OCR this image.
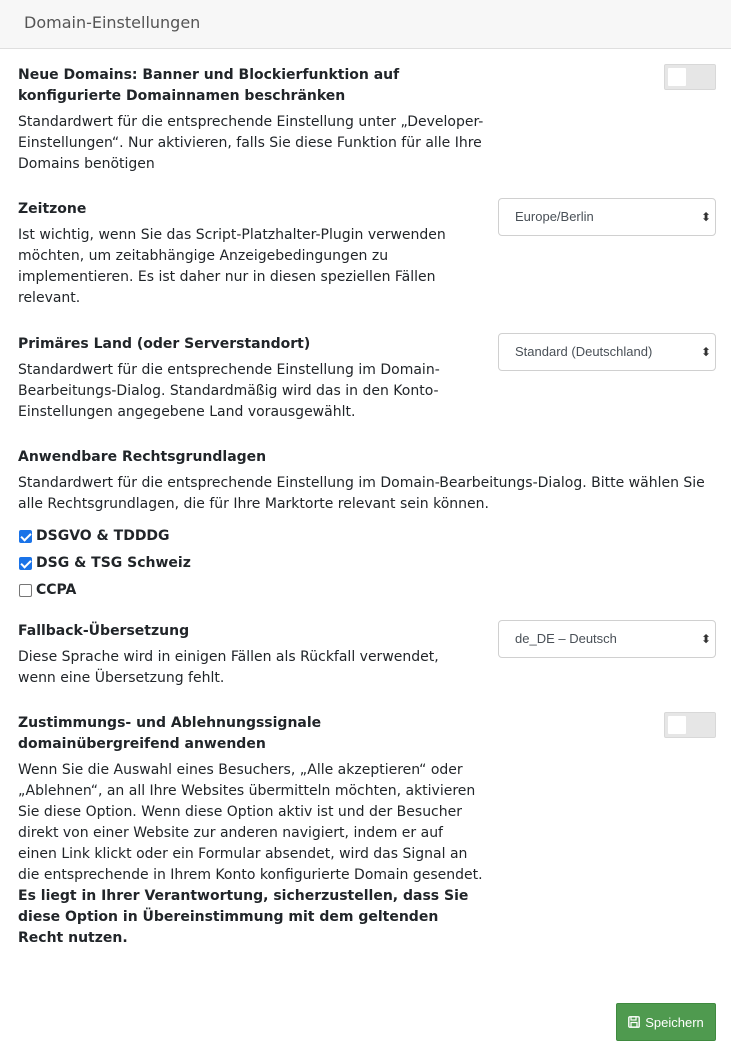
Domain-Einstellungen
Neue Domains: Banner und Blockierfunktion auf konfigurierte Domainnamen beschränken
Standardwert für die entsprechende Einstellung unter „Developer-Einstellungen“. Nur aktivieren, falls Sie diese Funktion für alle Ihre Domains benötigen
Zeitzone
Ist wichtig, wenn Sie das Script-Platzhalter-Plugin verwenden möchten, um zeitabhängige Anzeigebedingungen zu implementieren. Es ist daher nur in diesen speziellen Fällen relevant.
Europe/Berlin	⬍
Primäres Land (oder Serverstandort)
Standardwert für die entsprechende Einstellung im Domain-Bearbeitungs-Dialog. Standardmäßig wird das in den Konto-Einstellungen angegebene Land vorausgewählt.
Standard (Deutschland)	⬍
Anwendbare Rechtsgrundlagen
Standardwert für die entsprechende Einstellung im Domain-Bearbeitungs-Dialog. Bitte wählen Sie alle Rechtsgrundlagen, die für Ihre Marktorte relevant sein können.
DSGVO & TDDDG
DSG & TSG Schweiz
CCPA
Fallback-Übersetzung
Diese Sprache wird in einigen Fällen als Rückfall verwendet, wenn eine Übersetzung fehlt.
de_DE – Deutsch	⬍
Zustimmungs- und Ablehnungssignale domainübergreifend anwenden
Wenn Sie die Auswahl eines Besuchers, „Alle akzeptieren“ oder „Ablehnen“, an all Ihre Websites übermitteln möchten, aktivieren Sie diese Option. Wenn diese Option aktiv ist und der Besucher direkt von einer Website zur anderen navigiert, indem er auf einen Link klickt oder ein Formular absendet, wird das Signal an die entsprechende in Ihrem Konto konfigurierte Domain gesendet.
Es liegt in Ihrer Verantwortung, sicherzustellen, dass Sie diese Option in Übereinstimmung mit dem geltenden Recht nutzen.
Speichern
